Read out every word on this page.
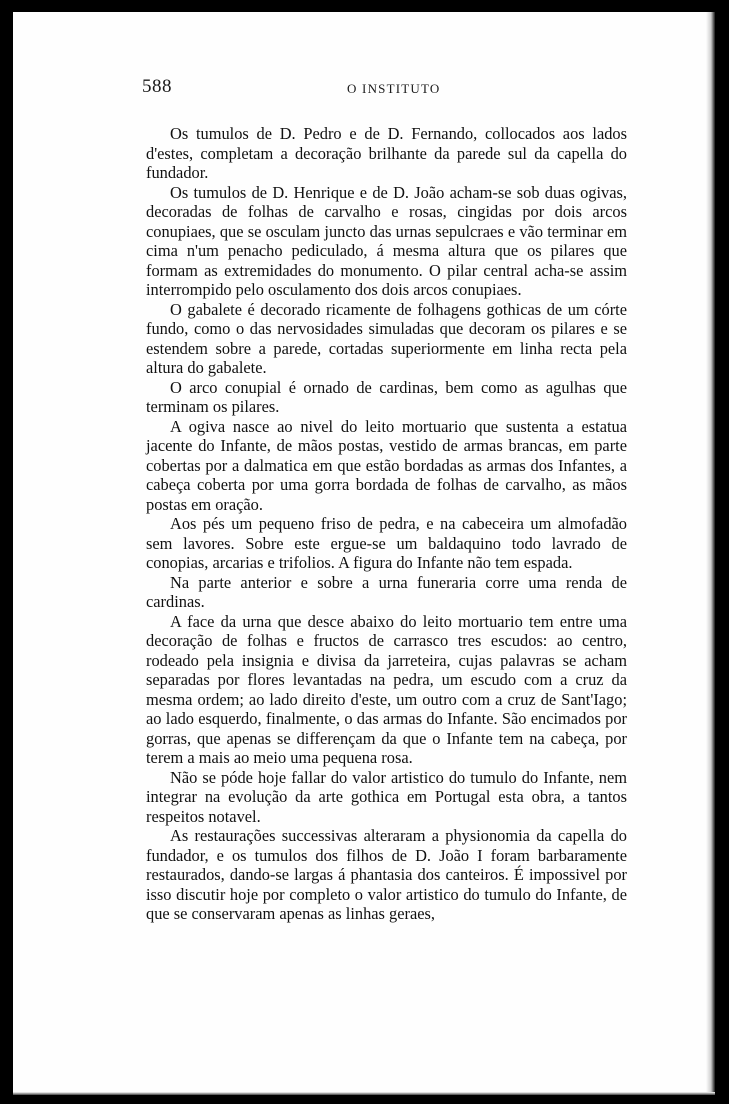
588	O INSTITUTO

Os tumulos de D. Pedro e de D. Fernando, collocados aos lados d'estes, completam a decoração brilhante da parede sul da capella do fundador.

Os tumulos de D. Henrique e de D. João acham-se sob duas ogivas, decoradas de folhas de carvalho e rosas, cingidas por dois arcos conupiaes, que se osculam juncto das urnas sepulcraes e vão terminar em cima n'um penacho pediculado, á mesma altura que os pilares que formam as extremidades do monumento. O pilar central acha-se assim interrompido pelo osculamento dos dois arcos conupiaes.

O gabalete é decorado ricamente de folhagens gothicas de um córte fundo, como o das nervosidades simuladas que decoram os pilares e se estendem sobre a parede, cortadas superiormente em linha recta pela altura do gabalete.

O arco conupial é ornado de cardinas, bem como as agulhas que terminam os pilares.

A ogiva nasce ao nivel do leito mortuario que sustenta a estatua jacente do Infante, de mãos postas, vestido de armas brancas, em parte cobertas por a dalmatica em que estão bordadas as armas dos Infantes, a cabeça coberta por uma gorra bordada de folhas de carvalho, as mãos postas em oração.

Aos pés um pequeno friso de pedra, e na cabeceira um almofadão sem lavores. Sobre este ergue-se um baldaquino todo lavrado de conopias, arcarias e trifolios. A figura do Infante não tem espada.

Na parte anterior e sobre a urna funeraria corre uma renda de cardinas.

A face da urna que desce abaixo do leito mortuario tem entre uma decoração de folhas e fructos de carrasco tres escudos: ao centro, rodeado pela insignia e divisa da jarreteira, cujas palavras se acham separadas por flores levantadas na pedra, um escudo com a cruz da mesma ordem; ao lado direito d'este, um outro com a cruz de Sant'Iago; ao lado esquerdo, finalmente, o das armas do Infante. São encimados por gorras, que apenas se differençam da que o Infante tem na cabeça, por terem a mais ao meio uma pequena rosa.

Não se póde hoje fallar do valor artistico do tumulo do Infante, nem integrar na evolução da arte gothica em Portugal esta obra, a tantos respeitos notavel.

As restaurações successivas alteraram a physionomia da capella do fundador, e os tumulos dos filhos de D. João I foram barbaramente restaurados, dando-se largas á phantasia dos canteiros. É impossivel por isso discutir hoje por completo o valor artistico do tumulo do Infante, de que se conservaram apenas as linhas geraes,
